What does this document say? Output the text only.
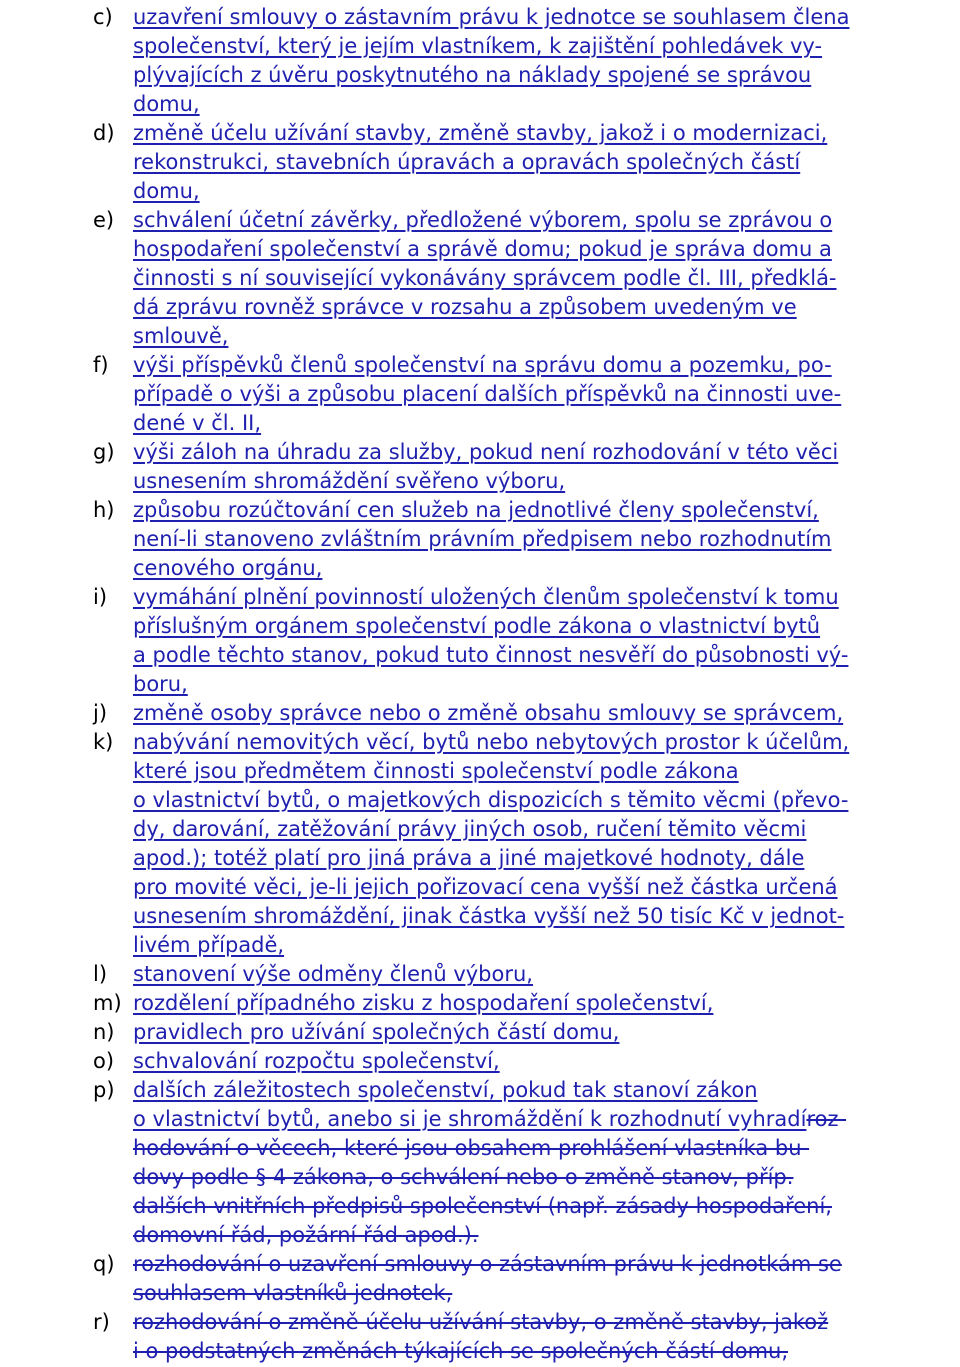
c) uzavření smlouvy o zástavním právu k jednotce se souhlasem člena
společenství, který je jejím vlastníkem, k zajištění pohledávek vy-
plývajících z úvěru poskytnutého na náklady spojené se správou
domu,
d) změně účelu užívání stavby, změně stavby, jakož i o modernizaci,
rekonstrukci, stavebních úpravách a opravách společných částí
domu,
e) schválení účetní závěrky, předložené výborem, spolu se zprávou o
hospodaření společenství a správě domu; pokud je správa domu a
činnosti s ní související vykonávány správcem podle čl. III, předklá-
dá zprávu rovněž správce v rozsahu a způsobem uvedeným ve
smlouvě,
f) výši příspěvků členů společenství na správu domu a pozemku, po-
případě o výši a způsobu placení dalších příspěvků na činnosti uve-
dené v čl. II,
g) výši záloh na úhradu za služby, pokud není rozhodování v této věci
usnesením shromáždění svěřeno výboru,
h) způsobu rozúčtování cen služeb na jednotlivé členy společenství,
není-li stanoveno zvláštním právním předpisem nebo rozhodnutím
cenového orgánu,
i) vymáhání plnění povinností uložených členům společenství k tomu
příslušným orgánem společenství podle zákona o vlastnictví bytů
a podle těchto stanov, pokud tuto činnost nesvěří do působnosti vý-
boru,
j) změně osoby správce nebo o změně obsahu smlouvy se správcem,
k) nabývání nemovitých věcí, bytů nebo nebytových prostor k účelům,
které jsou předmětem činnosti společenství podle zákona
o vlastnictví bytů, o majetkových dispozicích s těmito věcmi (převo-
dy, darování, zatěžování právy jiných osob, ručení těmito věcmi
apod.); totéž platí pro jiná práva a jiné majetkové hodnoty, dále
pro movité věci, je-li jejich pořizovací cena vyšší než částka určená
usnesením shromáždění, jinak částka vyšší než 50 tisíc Kč v jednot-
livém případě,
l) stanovení výše odměny členů výboru,
m) rozdělení případného zisku z hospodaření společenství,
n) pravidlech pro užívání společných částí domu,
o) schvalování rozpočtu společenství,
p) dalších záležitostech společenství, pokud tak stanoví zákon
o vlastnictví bytů, anebo si je shromáždění k rozhodnutí vyhradíroz-
hodování o věcech, které jsou obsahem prohlášení vlastníka bu-
dovy podle § 4 zákona, o schválení nebo o změně stanov, příp.
dalších vnitřních předpisů společenství (např. zásady hospodaření,
domovní řád, požární řád apod.).
q) rozhodování o uzavření smlouvy o zástavním právu k jednotkám se
souhlasem vlastníků jednotek,
r) rozhodování o změně účelu užívání stavby, o změně stavby, jakož
i o podstatných změnách týkajících se společných částí domu,
